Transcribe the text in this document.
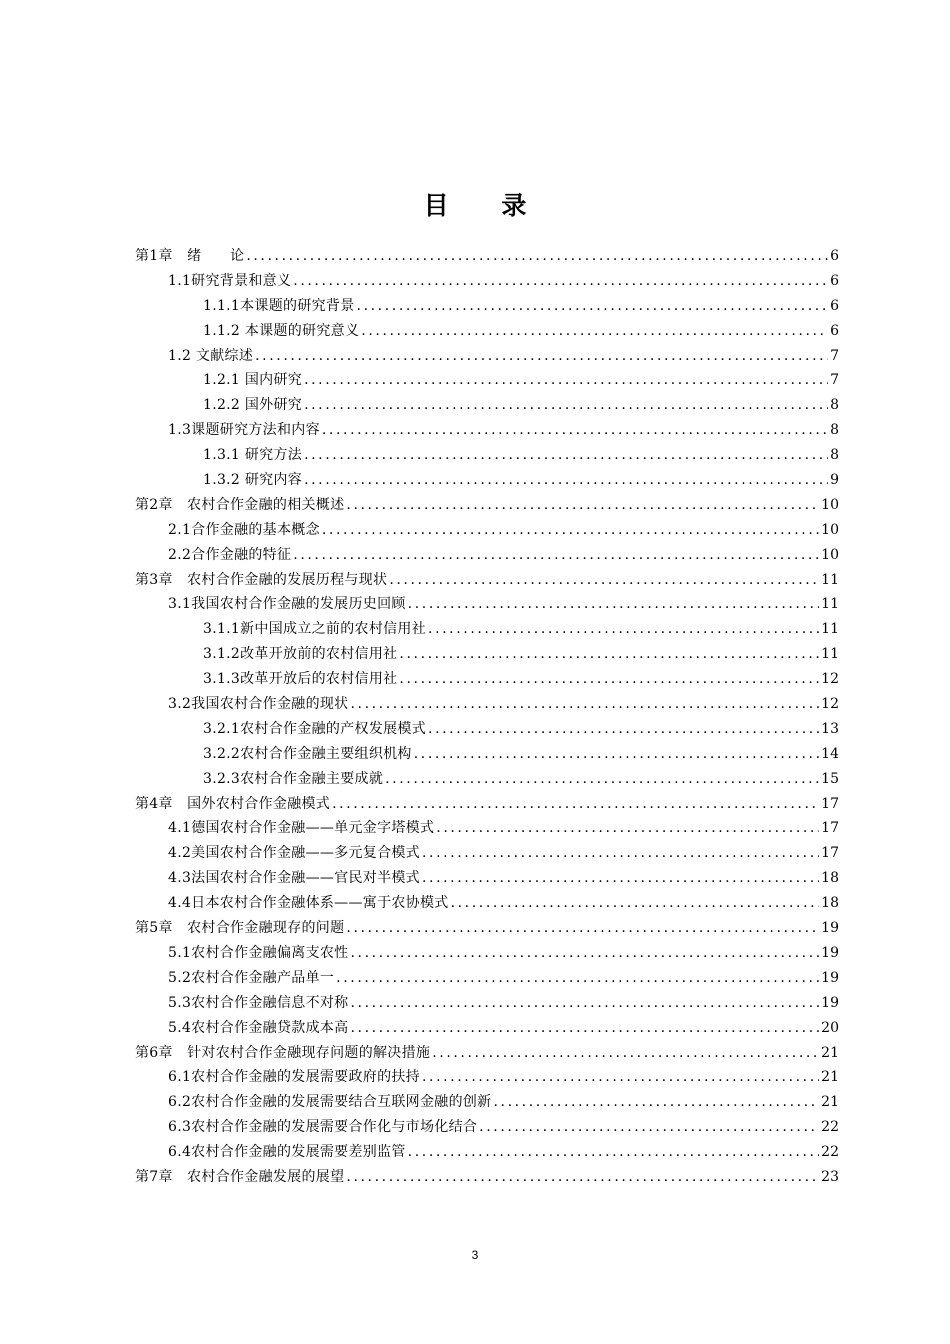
目 录
第1章　绪　　论 .....	6
1.1研究背景和意义 .....	6
1.1.1本课题的研究背景 .....	6
1.1.2 本课题的研究意义 .....	6
1.2 文献综述 .....	7
1.2.1 国内研究 .....	7
1.2.2 国外研究 .....	8
1.3课题研究方法和内容 .....	8
1.3.1 研究方法 .....	8
1.3.2 研究内容 .....	9
第2章　农村合作金融的相关概述 .....	10
2.1合作金融的基本概念 .....	10
2.2合作金融的特征 .....	10
第3章　农村合作金融的发展历程与现状 .....	11
3.1我国农村合作金融的发展历史回顾 .....	11
3.1.1新中国成立之前的农村信用社 .....	11
3.1.2改革开放前的农村信用社 .....	11
3.1.3改革开放后的农村信用社 .....	12
3.2我国农村合作金融的现状 .....	12
3.2.1农村合作金融的产权发展模式 .....	13
3.2.2农村合作金融主要组织机构 .....	14
3.2.3农村合作金融主要成就 .....	15
第4章　国外农村合作金融模式 .....	17
4.1德国农村合作金融——单元金字塔模式 .....	17
4.2美国农村合作金融——多元复合模式 .....	17
4.3法国农村合作金融——官民对半模式 .....	18
4.4日本农村合作金融体系——寓于农协模式 .....	18
第5章　农村合作金融现存的问题 .....	19
5.1农村合作金融偏离支农性 .....	19
5.2农村合作金融产品单一 .....	19
5.3农村合作金融信息不对称 .....	19
5.4农村合作金融贷款成本高 .....	20
第6章　针对农村合作金融现存问题的解决措施 .....	21
6.1农村合作金融的发展需要政府的扶持 .....	21
6.2农村合作金融的发展需要结合互联网金融的创新 .....	21
6.3农村合作金融的发展需要合作化与市场化结合 .....	22
6.4农村合作金融的发展需要差别监管 .....	22
第7章　农村合作金融发展的展望 .....	23
3
